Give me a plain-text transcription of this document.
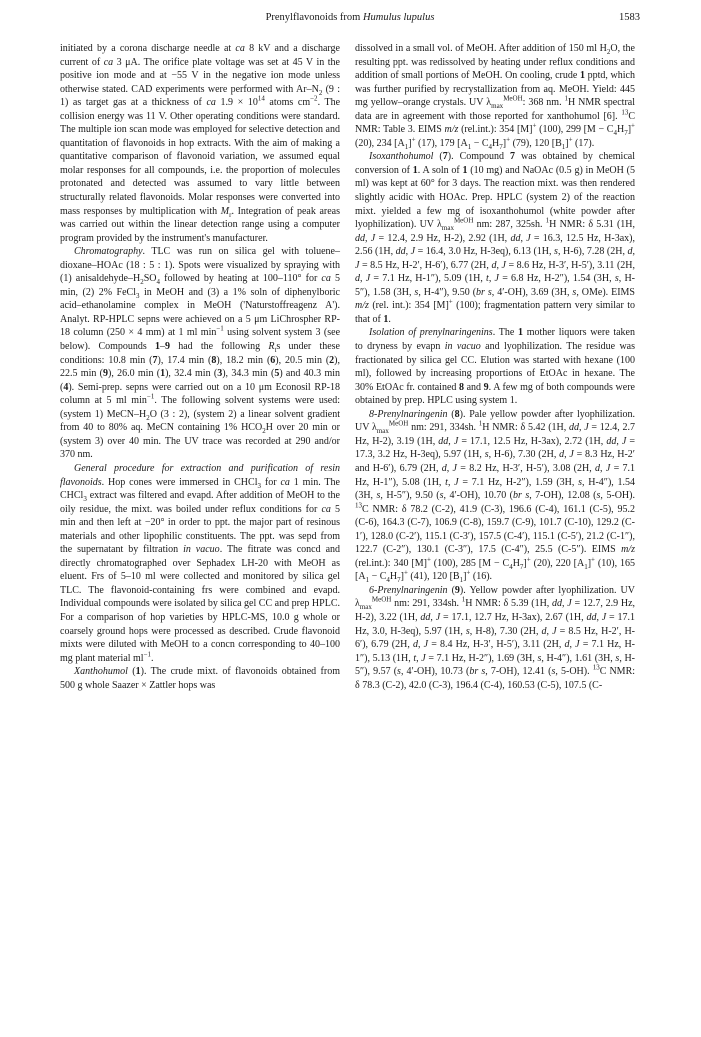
Prenylflavonoids from Humulus lupulus	1583

initiated by a corona discharge needle at ca 8 kV and a discharge current of ca 3 μA. The orifice plate voltage was set at 45 V in the positive ion mode and at −55 V in the negative ion mode unless otherwise stated. CAD experiments were performed with $Ar-N_2$ (9 : 1) as target gas at a thickness of ca $1.9 \times 10^{14}$ atoms $cm^{-2}$. The collision energy was 11 V. Other operating conditions were standard. The multiple ion scan mode was employed for selective detection and quantitation of flavonoids in hop extracts. With the aim of making a quantitative comparison of flavonoid variation, we assumed equal molar responses for all compounds, i.e. the proportion of molecules protonated and detected was assumed to vary little between structurally related flavonoids. Molar responses were converted into mass responses by multiplication with $M_r$. Integration of peak areas was carried out within the linear detection range using a computer program provided by the instrument's manufacturer.

Chromatography. TLC was run on silica gel with toluene–dioxane–HOAc (18 : 5 : 1). Spots were visualized by spraying with (1) anisaldehyde–$H_2SO_4$ followed by heating at 100–110° for ca 5 min, (2) 2% FeCl$_3$ in MeOH and (3) a 1% soln of diphenylboric acid–ethanolamine complex in MeOH ('Naturstoffreagenz A'). Analyt. RP-HPLC sepns were achieved on a 5 μm LiChrospher RP-18 column (250 × 4 mm) at 1 ml $\min^{-1} using$ solvent system 3 (see below). Compounds 1–9 had the following $R_ts$ under these conditions: 10.8 min (7), 17.4 min (8), 18.2 min (6), 20.5 min (2), 22.5 min (9), 26.0 min (1), 32.4 min (3), 34.3 min (5) and 40.3 min (4). Semi-prep. sepns were carried out on a 10 μm Econosil RP-18 column at 5 ml $\min^{-1}$. The following solvent systems were used: (system 1) MeCN–$H_2O$ (3 : 2), (system 2) a linear solvent gradient from 40 to 80% aq. MeCN containing 1% $HCO_2H$ over 20 min or (system 3) over 40 min. The UV trace was recorded at 290 and/or 370 nm.

General procedure for extraction and purification of resin flavonoids. Hop cones were immersed in CHCl$_3$ for ca 1 min. The CHCl$_3$ extract was filtered and evapd. After addition of MeOH to the oily residue, the mixt. was boiled under reflux conditions for ca 5 min and then left at −20° in order to ppt. the major part of resinous materials and other lipophilic constituents. The ppt. was sepd from the supernatant by filtration in vacuo. The fitrate was concd and directly chromatographed over Sephadex LH-20 with MeOH as eluent. Frs of 5–10 ml were collected and monitored by silica gel TLC. The flavonoid-containing frs were combined and evapd. Individual compounds were isolated by silica gel CC and prep HPLC. For a comparison of hop varieties by HPLC-MS, 10.0 g whole or coarsely ground hops were processed as described. Crude flavonoid mixts were diluted with MeOH to a concn corresponding to 40–100 mg plant material $ml^{-1}$.

Xanthohumol (1). The crude mixt. of flavonoids obtained from 500 g whole Saazer × Zattler hops was

dissolved in a small vol. of MeOH. After addition of 150 ml $H_2O$, the resulting ppt. was redissolved by heating under reflux conditions and addition of small portions of MeOH. On cooling, crude 1 pptd, which was further purified by recrystallization from aq. MeOH. Yield: 445 mg yellow–orange crystals. UV $\lambda_{max}^{MeOH}$: 368 nm. $^1$H NMR spectral data are in agreement with those reported for xanthohumol [6]. $^{13}$C NMR: Table 3. EIMS m/z (rel.int.): 354 [M]+ (100), 299 $[M - C_4H_7]^+$ (20), 234 $[A_1]^+$ (17), 179 $[A_1 - C_4H_7]^+$ (79), 120 $[B_1]^+$ (17).

Isoxanthohumol (7). Compound 7 was obtained by chemical conversion of 1. A soln of 1 (10 mg) and NaOAc (0.5 g) in MeOH (5 ml) was kept at 60° for 3 days. The reaction mixt. was then rendered slightly acidic with HOAc. Prep. HPLC (system 2) of the reaction mixt. yielded a few mg of isoxanthohumol (white powder after lyophilization). UV $\lambda_{max}^{MeOH}$ nm: 287, 325sh. $^1$H NMR: δ 5.31 (1H, dd, J = 12.4, 2.9 Hz, H-2), 2.92 (1H, dd, J = 16.3, 12.5 Hz, H-3ax), 2.56 (1H, dd, J = 16.4, 3.0 Hz, H-3eq), 6.13 (1H, s, H-6), 7.28 (2H, d, J = 8.5 Hz, H-2′, H-6′), 6.77 (2H, d, J = 8.6 Hz, H-3′, H-5′), 3.11 (2H, d, J = 7.1 Hz, H-1″), 5.09 (1H, t, J = 6.8 Hz, H-2″), 1.54 (3H, s, H-5″), 1.58 (3H, s, H-4″), 9.50 (br s, 4′-OH), 3.69 (3H, s, OMe). EIMS m/z (rel. int.): 354 [M]+ (100); fragmentation pattern very similar to that of 1.

Isolation of prenylnaringenins. The 1 mother liquors were taken to dryness by evapn in vacuo and lyophilization. The residue was fractionated by silica gel CC. Elution was started with hexane (100 ml), followed by increasing proportions of EtOAc in hexane. The 30% EtOAc fr. contained 8 and 9. A few mg of both compounds were obtained by prep. HPLC using system 1.

8-Prenylnaringenin (8). Pale yellow powder after lyophilization. UV $\lambda_{max}^{MeOH}$ nm: 291, 334sh. $^1$H NMR: δ 5.42 (1H, dd, J = 12.4, 2.7 Hz, H-2), 3.19 (1H, dd, J = 17.1, 12.5 Hz, H-3ax), 2.72 (1H, dd, J = 17.3, 3.2 Hz, H-3eq), 5.97 (1H, s, H-6), 7.30 (2H, d, J = 8.3 Hz, H-2′ and H-6′), 6.79 (2H, d, J = 8.2 Hz, H-3′, H-5′), 3.08 (2H, d, J = 7.1 Hz, H-1″), 5.08 (1H, t, J = 7.1 Hz, H-2″), 1.59 (3H, s, H-4″), 1.54 (3H, s, H-5″), 9.50 (s, 4′-OH), 10.70 (br s, 7-OH), 12.08 (s, 5-OH). $^{13}$C NMR: δ 78.2 (C-2), 41.9 (C-3), 196.6 (C-4), 161.1 (C-5), 95.2 (C-6), 164.3 (C-7), 106.9 (C-8), 159.7 (C-9), 101.7 (C-10), 129.2 (C-1′), 128.0 (C-2′), 115.1 (C-3′), 157.5 (C-4′), 115.1 (C-5′), 21.2 (C-1″), 122.7 (C-2″), 130.1 (C-3″), 17.5 (C-4″), 25.5 (C-5″). EIMS m/z (rel.int.): 340 [M]+ (100), 285 $[M - C_4H_7]^+$ (20), 220 $[A_1]^+$ (10), 165 $[A_1 - C_4H_7]^+$ (41), 120 $[B_1]^+$ (16).

6-Prenylnaringenin (9). Yellow powder after lyophilization. UV $\lambda_{max}^{MeOH}$ nm: 291, 334sh. $^1$H NMR: δ 5.39 (1H, dd, J = 12.7, 2.9 Hz, H-2), 3.22 (1H, dd, J = 17.1, 12.7 Hz, H-3ax), 2.67 (1H, dd, J = 17.1 Hz, 3.0, H-3eq), 5.97 (1H, s, H-8), 7.30 (2H, d, J = 8.5 Hz, H-2′, H-6′), 6.79 (2H, d, J = 8.4 Hz, H-3′, H-5′), 3.11 (2H, d, J = 7.1 Hz, H-1″), 5.13 (1H, t, J = 7.1 Hz, H-2″), 1.69 (3H, s, H-4″), 1.61 (3H, s, H-5″), 9.57 (s, 4′-OH), 10.73 (br s, 7-OH), 12.41 (s, 5-OH). $^{13}$C NMR: δ 78.3 (C-2), 42.0 (C-3), 196.4 (C-4), 160.53 (C-5), 107.5 (C-
